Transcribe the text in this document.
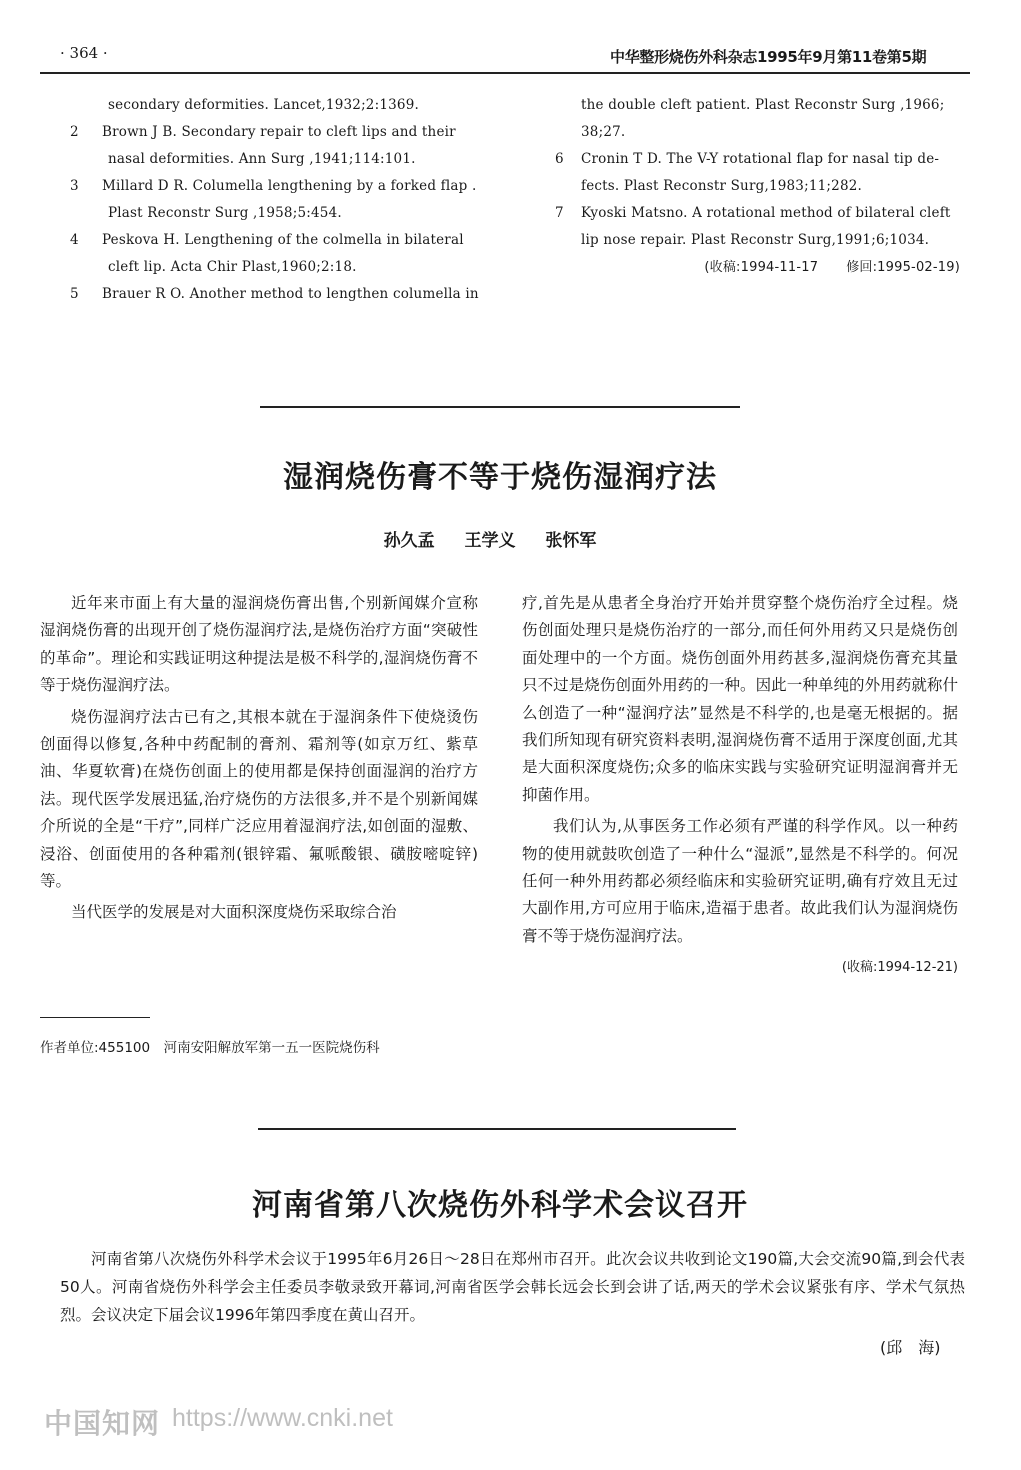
· 364 ·	中华整形烧伤外科杂志1995年9月第11卷第5期
secondary deformities. Lancet,1932;2:1369.
2	Brown J B. Secondary repair to cleft lips and their
nasal deformities. Ann Surg ,1941;114:101.
3	Millard D R. Columella lengthening by a forked flap .
Plast Reconstr Surg ,1958;5:454.
4	Peskova H. Lengthening of the colmella in bilateral
cleft lip. Acta Chir Plast,1960;2:18.
5	Brauer R O. Another method to lengthen columella in
the double cleft patient. Plast Reconstr Surg ,1966;
38;27.
6	Cronin T D. The V-Y rotational flap for nasal tip de-
fects. Plast Reconstr Surg,1983;11;282.
7	Kyoski Matsno. A rotational method of bilateral cleft
lip nose repair. Plast Reconstr Surg,1991;6;1034.
(收稿:1994-11-17 修回:1995-02-19)
湿润烧伤膏不等于烧伤湿润疗法
孙久孟 王学义 张怀军

近年来市面上有大量的湿润烧伤膏出售,个别新闻媒介宣称湿润烧伤膏的出现开创了烧伤湿润疗法,是烧伤治疗方面“突破性的革命”。理论和实践证明这种提法是极不科学的,湿润烧伤膏不等于烧伤湿润疗法。

烧伤湿润疗法古已有之,其根本就在于湿润条件下使烧烫伤创面得以修复,各种中药配制的膏剂、霜剂等(如京万红、紫草油、华夏软膏)在烧伤创面上的使用都是保持创面湿润的治疗方法。现代医学发展迅猛,治疗烧伤的方法很多,并不是个别新闻媒介所说的全是“干疗”,同样广泛应用着湿润疗法,如创面的湿敷、浸浴、创面使用的各种霜剂(银锌霜、氟哌酸银、磺胺嘧啶锌)等。

当代医学的发展是对大面积深度烧伤采取综合治

疗,首先是从患者全身治疗开始并贯穿整个烧伤治疗全过程。烧伤创面处理只是烧伤治疗的一部分,而任何外用药又只是烧伤创面处理中的一个方面。烧伤创面外用药甚多,湿润烧伤膏充其量只不过是烧伤创面外用药的一种。因此一种单纯的外用药就称什么创造了一种“湿润疗法”显然是不科学的,也是毫无根据的。据我们所知现有研究资料表明,湿润烧伤膏不适用于深度创面,尤其是大面积深度烧伤;众多的临床实践与实验研究证明湿润膏并无抑菌作用。

我们认为,从事医务工作必须有严谨的科学作风。以一种药物的使用就鼓吹创造了一种什么“湿派”,显然是不科学的。何况任何一种外用药都必须经临床和实验研究证明,确有疗效且无过大副作用,方可应用于临床,造福于患者。故此我们认为湿润烧伤膏不等于烧伤湿润疗法。

(收稿:1994-12-21)
作者单位:455100　河南安阳解放军第一五一医院烧伤科
河南省第八次烧伤外科学术会议召开

河南省第八次烧伤外科学术会议于1995年6月26日～28日在郑州市召开。此次会议共收到论文190篇,大会交流90篇,到会代表50人。河南省烧伤外科学会主任委员李敬录致开幕词,河南省医学会韩长远会长到会讲了话,两天的学术会议紧张有序、学术气氛热烈。会议决定下届会议1996年第四季度在黄山召开。

(邱　海)
中国知网 https://www.cnki.net
